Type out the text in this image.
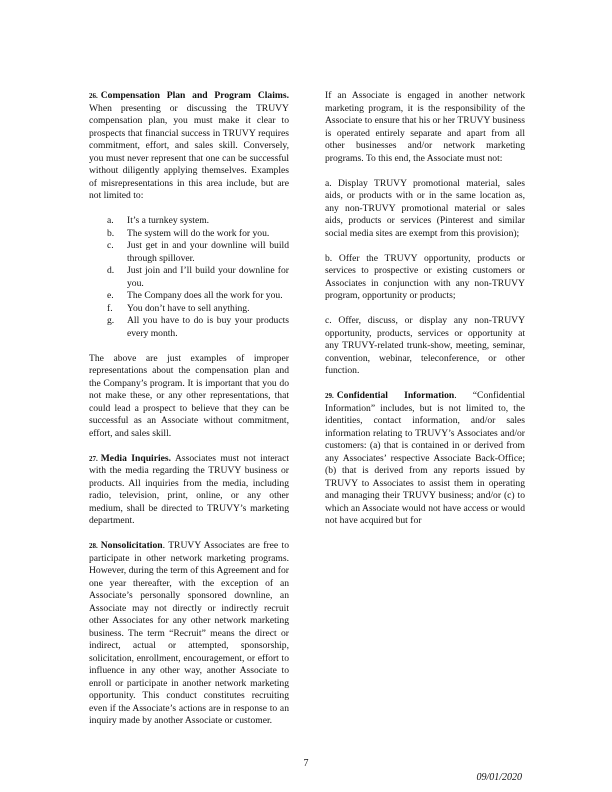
26. Compensation Plan and Program Claims. When presenting or discussing the TRUVY compensation plan, you must make it clear to prospects that financial success in TRUVY requires commitment, effort, and sales skill. Conversely, you must never represent that one can be successful without diligently applying themselves. Examples of misrepresentations in this area include, but are not limited to:

a. It’s a turnkey system.
b. The system will do the work for you.
c. Just get in and your downline will build through spillover.
d. Just join and I’ll build your downline for you.
e. The Company does all the work for you.
f. You don’t have to sell anything.
g. All you have to do is buy your products every month.

The above are just examples of improper representations about the compensation plan and the Company’s program. It is important that you do not make these, or any other representations, that could lead a prospect to believe that they can be successful as an Associate without commitment, effort, and sales skill.

27. Media Inquiries. Associates must not interact with the media regarding the TRUVY business or products. All inquiries from the media, including radio, television, print, online, or any other medium, shall be directed to TRUVY’s marketing department.

28. Nonsolicitation. TRUVY Associates are free to participate in other network marketing programs. However, during the term of this Agreement and for one year thereafter, with the exception of an Associate’s personally sponsored downline, an Associate may not directly or indirectly recruit other Associates for any other network marketing business. The term “Recruit” means the direct or indirect, actual or attempted, sponsorship, solicitation, enrollment, encouragement, or effort to influence in any other way, another Associate to enroll or participate in another network marketing opportunity. This conduct constitutes recruiting even if the Associate’s actions are in response to an inquiry made by another Associate or customer.

If an Associate is engaged in another network marketing program, it is the responsibility of the Associate to ensure that his or her TRUVY business is operated entirely separate and apart from all other businesses and/or network marketing programs. To this end, the Associate must not:

a. Display TRUVY promotional material, sales aids, or products with or in the same location as, any non-TRUVY promotional material or sales aids, products or services (Pinterest and similar social media sites are exempt from this provision);

b. Offer the TRUVY opportunity, products or services to prospective or existing customers or Associates in conjunction with any non-TRUVY program, opportunity or products;

c. Offer, discuss, or display any non-TRUVY opportunity, products, services or opportunity at any TRUVY-related trunk-show, meeting, seminar, convention, webinar, teleconference, or other function.

29. Confidential Information. “Confidential Information” includes, but is not limited to, the identities, contact information, and/or sales information relating to TRUVY’s Associates and/or customers: (a) that is contained in or derived from any Associates’ respective Associate Back-Office; (b) that is derived from any reports issued by TRUVY to Associates to assist them in operating and managing their TRUVY business; and/or (c) to which an Associate would not have access or would not have acquired but for

7
09/01/2020
